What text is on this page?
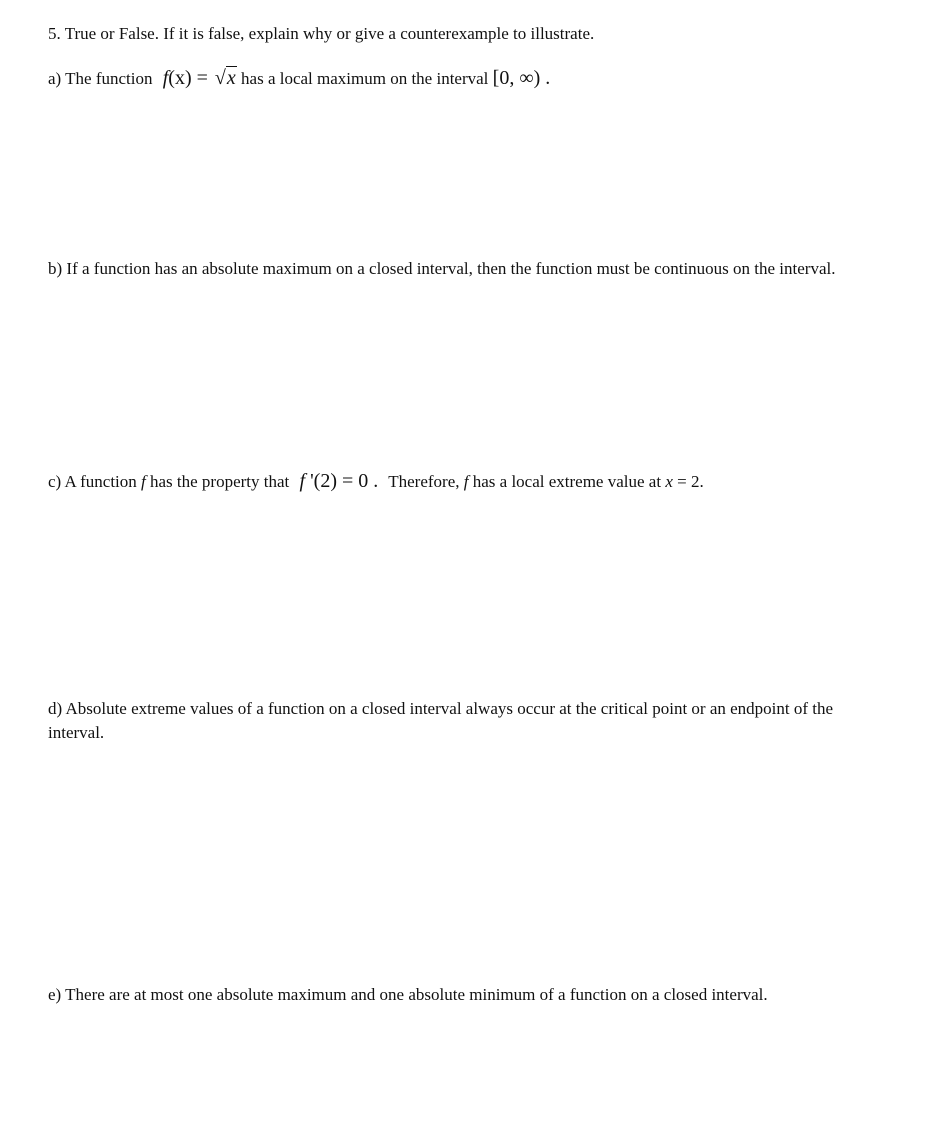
5. True or False. If it is false, explain why or give a counterexample to illustrate.
a) The function f(x) = √x has a local maximum on the interval [0, ∞) .
b) If a function has an absolute maximum on a closed interval, then the function must be continuous on the interval.
c) A function f has the property that f '(2) = 0 . Therefore, f has a local extreme value at x = 2.
d) Absolute extreme values of a function on a closed interval always occur at the critical point or an endpoint of the interval.
e) There are at most one absolute maximum and one absolute minimum of a function on a closed interval.
